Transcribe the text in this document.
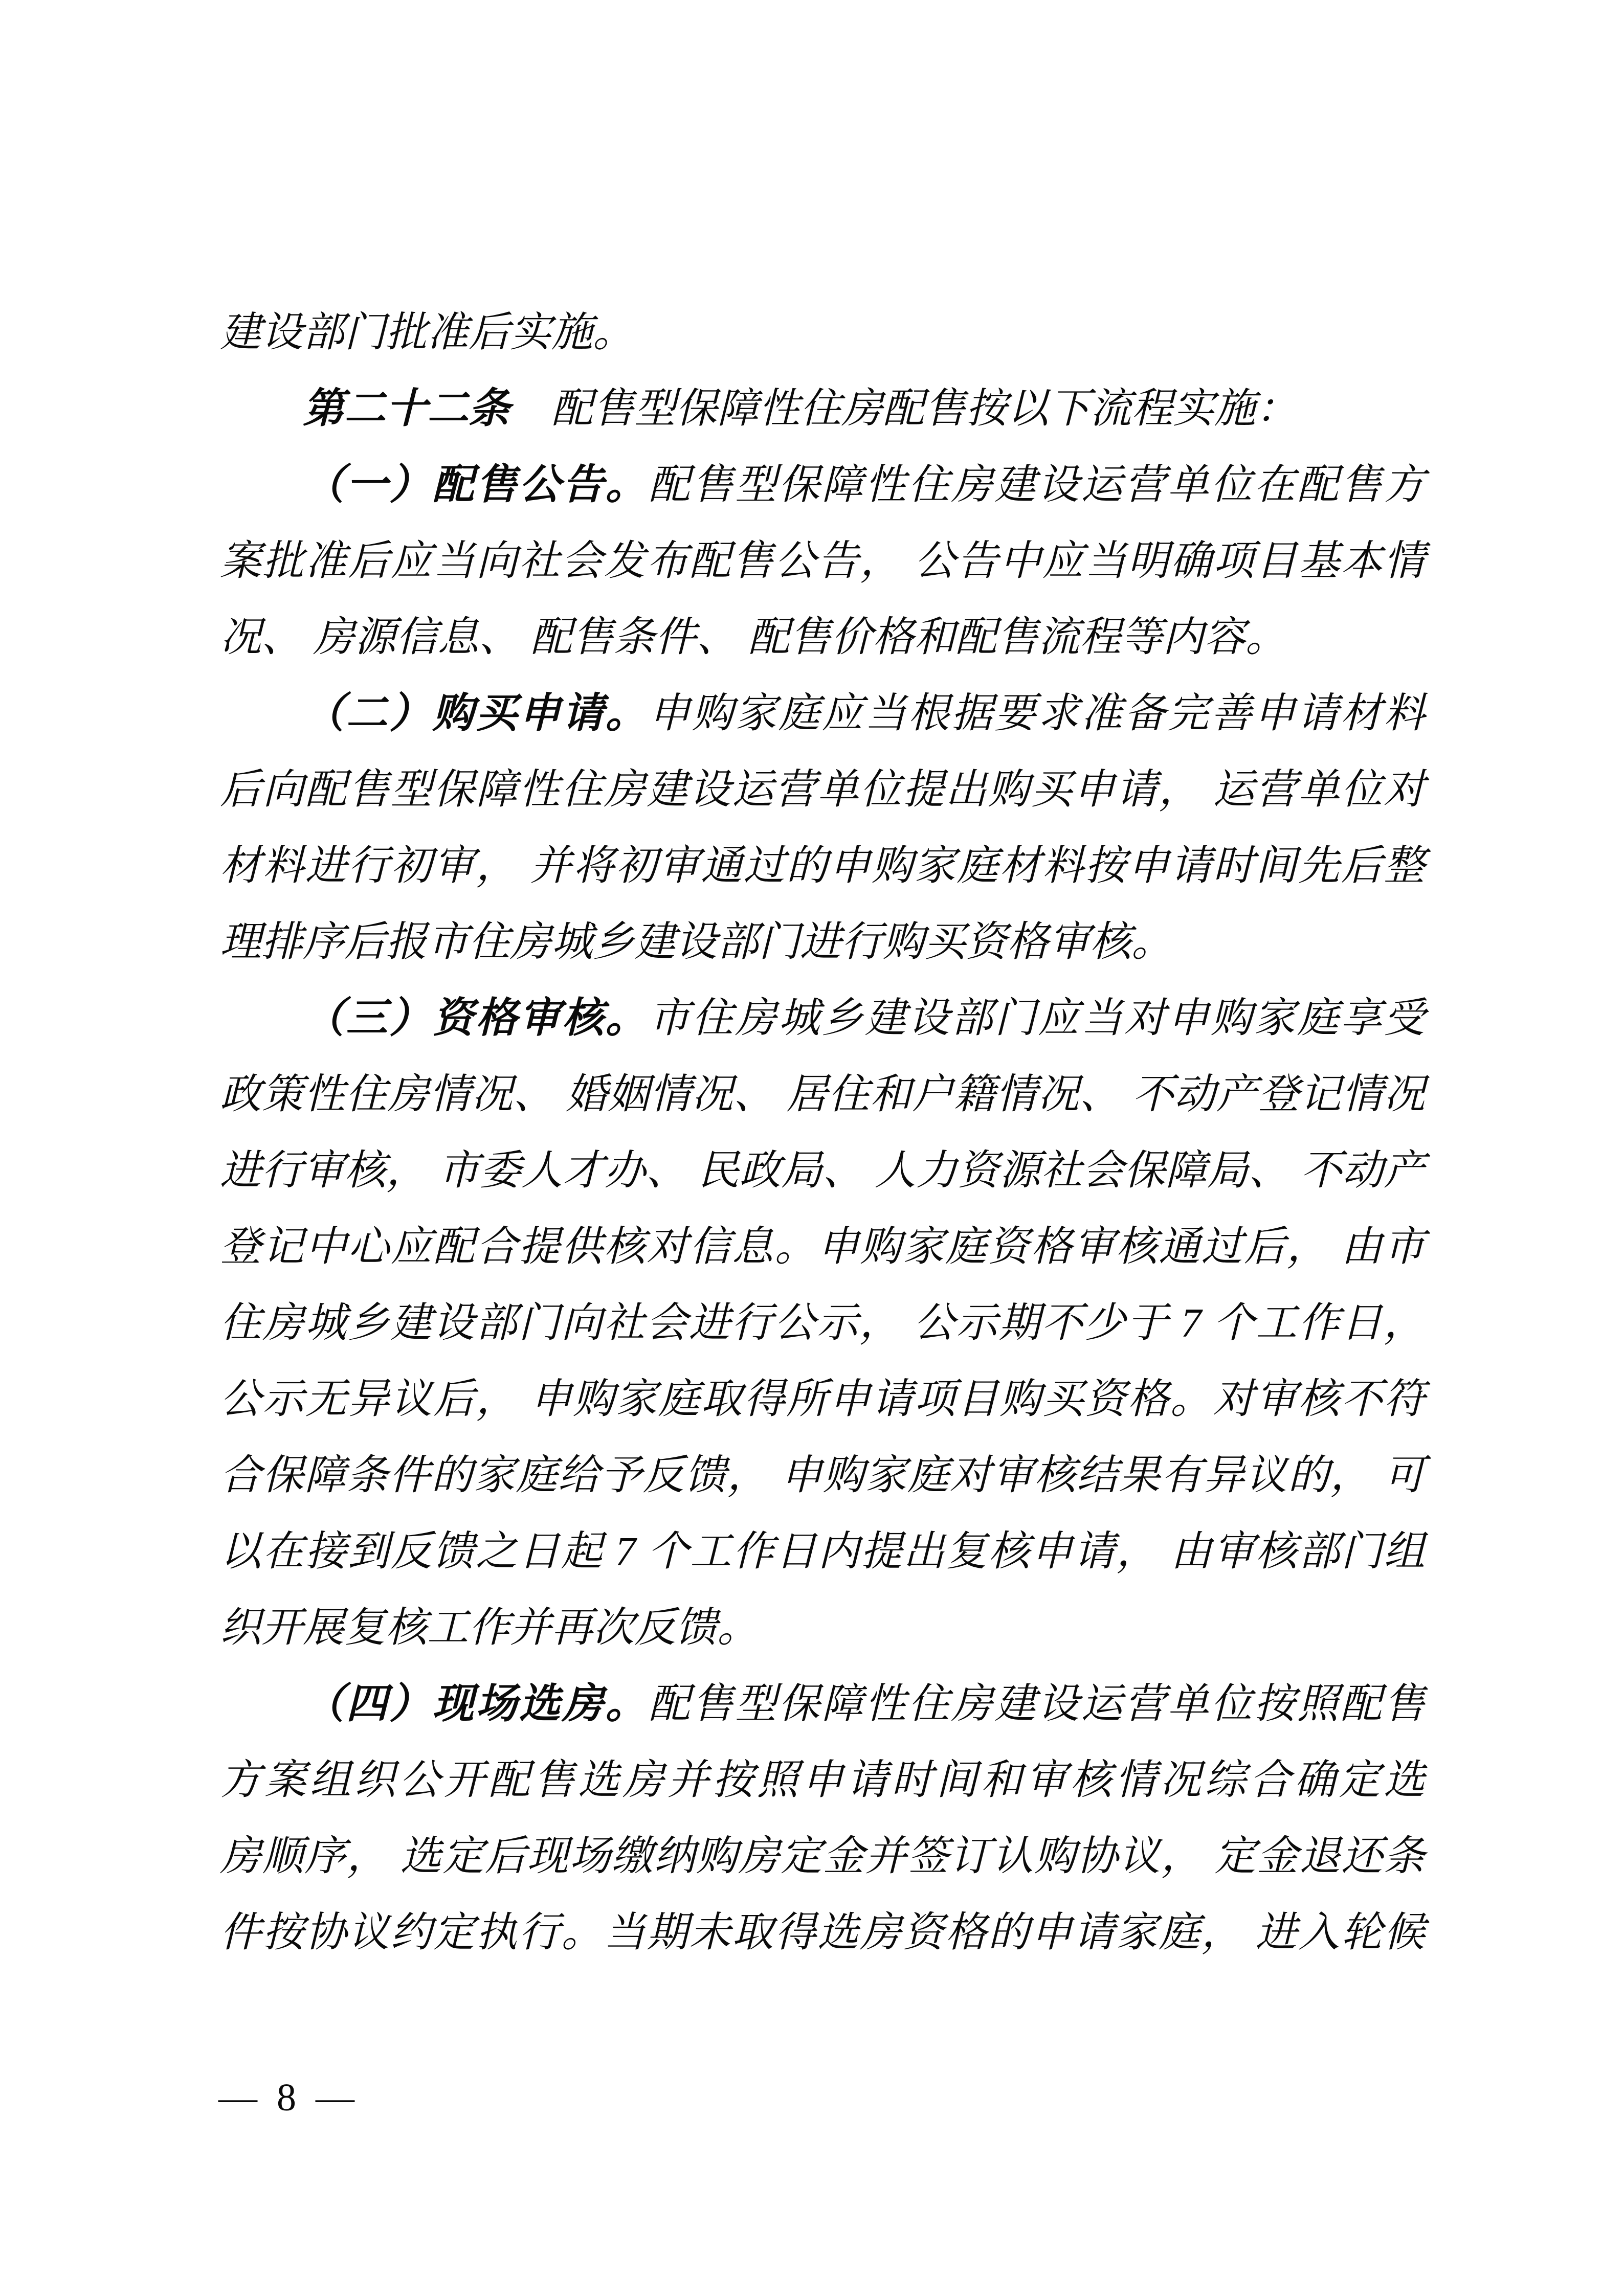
建设部门批准后实施。
第二十二条　配售型保障性住房配售按以下流程实施：
（一）配售公告。配售型保障性住房建设运营单位在配售方
案批准后应当向社会发布配售公告， 公告中应当明确项目基本情
况、 房源信息、 配售条件、 配售价格和配售流程等内容。
（二）购买申请。申购家庭应当根据要求准备完善申请材料
后向配售型保障性住房建设运营单位提出购买申请， 运营单位对
材料进行初审， 并将初审通过的申购家庭材料按申请时间先后整
理排序后报市住房城乡建设部门进行购买资格审核。
（三）资格审核。市住房城乡建设部门应当对申购家庭享受
政策性住房情况、 婚姻情况、 居住和户籍情况、 不动产登记情况
进行审核， 市委人才办、 民政局、 人力资源社会保障局、 不动产
登记中心应配合提供核对信息。申购家庭资格审核通过后， 由市
住房城乡建设部门向社会进行公示， 公示期不少于 7 个工作日，
公示无异议后， 申购家庭取得所申请项目购买资格。对审核不符
合保障条件的家庭给予反馈， 申购家庭对审核结果有异议的， 可
以在接到反馈之日起 7 个工作日内提出复核申请， 由审核部门组
织开展复核工作并再次反馈。
（四）现场选房。配售型保障性住房建设运营单位按照配售
方案组织公开配售选房并按照申请时间和审核情况综合确定选
房顺序， 选定后现场缴纳购房定金并签订认购协议， 定金退还条
件按协议约定执行。当期未取得选房资格的申请家庭， 进入轮候
— 8 —
